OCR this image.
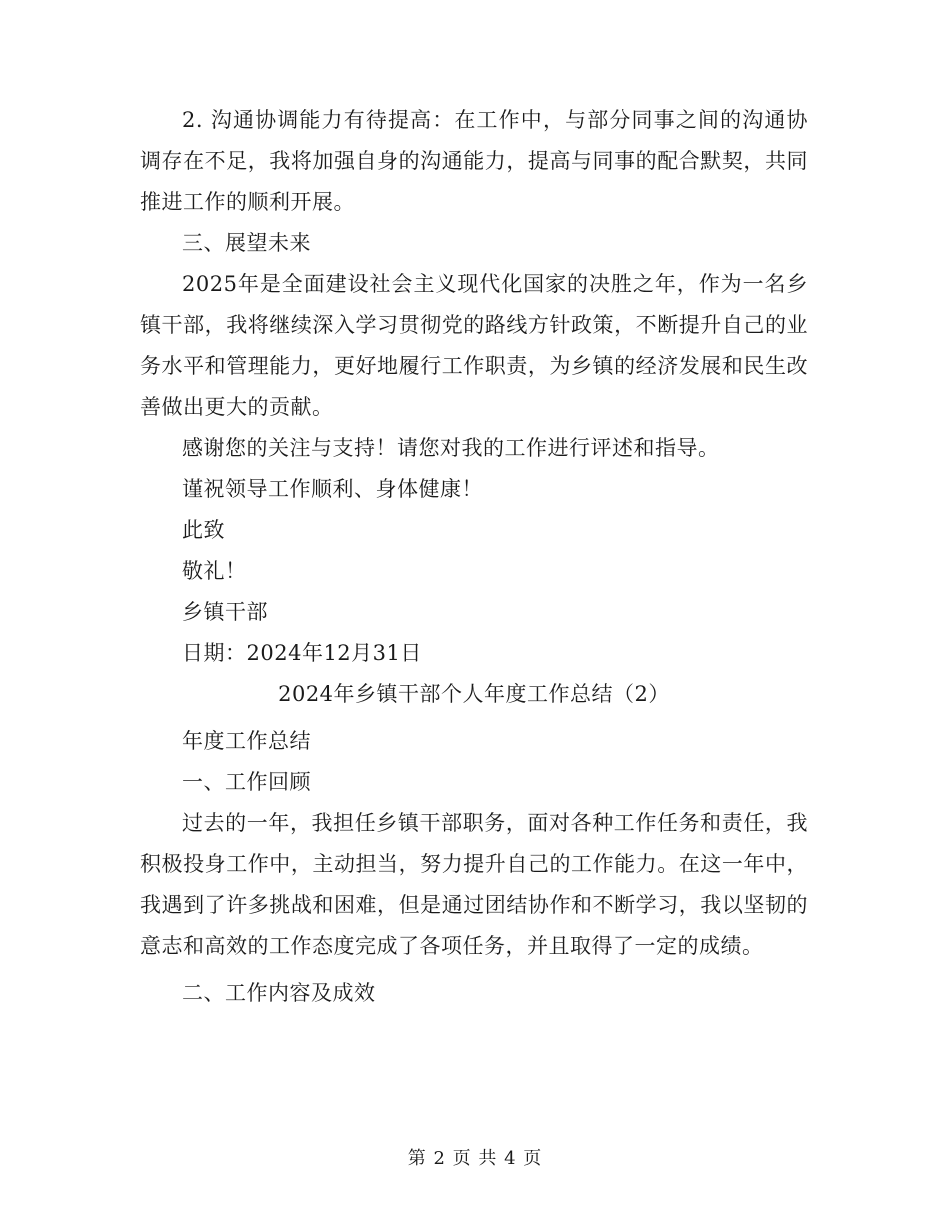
2. 沟通协调能力有待提高：在工作中，与部分同事之间的沟通协调存在不足，我将加强自身的沟通能力，提高与同事的配合默契，共同推进工作的顺利开展。

三、展望未来

2025年是全面建设社会主义现代化国家的决胜之年，作为一名乡镇干部，我将继续深入学习贯彻党的路线方针政策，不断提升自己的业务水平和管理能力，更好地履行工作职责，为乡镇的经济发展和民生改善做出更大的贡献。

感谢您的关注与支持！请您对我的工作进行评述和指导。

谨祝领导工作顺利、身体健康！

此致

敬礼！

乡镇干部

日期：2024年12月31日

2024年乡镇干部个人年度工作总结（2）

年度工作总结

一、工作回顾

过去的一年，我担任乡镇干部职务，面对各种工作任务和责任，我积极投身工作中，主动担当，努力提升自己的工作能力。在这一年中，我遇到了许多挑战和困难，但是通过团结协作和不断学习，我以坚韧的意志和高效的工作态度完成了各项任务，并且取得了一定的成绩。

二、工作内容及成效

第 2 页 共 4 页
